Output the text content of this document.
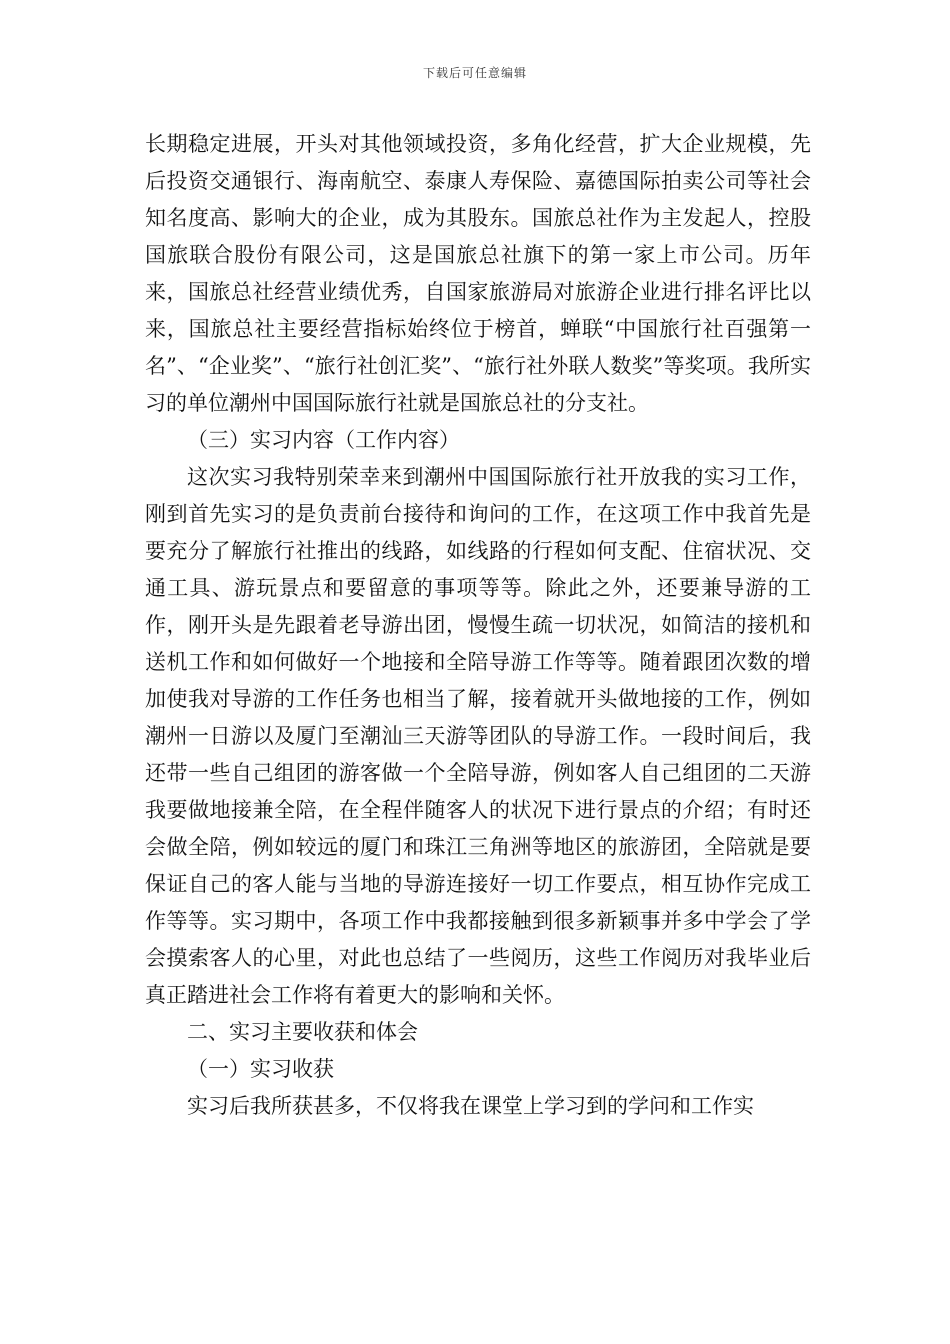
下载后可任意编辑

长期稳定进展，开头对其他领域投资，多角化经营，扩大企业规模，先后投资交通银行、海南航空、泰康人寿保险、嘉德国际拍卖公司等社会知名度高、影响大的企业，成为其股东。国旅总社作为主发起人，控股国旅联合股份有限公司，这是国旅总社旗下的第一家上市公司。历年来，国旅总社经营业绩优秀，自国家旅游局对旅游企业进行排名评比以来，国旅总社主要经营指标始终位于榜首，蝉联“中国旅行社百强第一名”、“企业奖”、“旅行社创汇奖”、“旅行社外联人数奖”等奖项。我所实习的单位潮州中国国际旅行社就是国旅总社的分支社。

（三）实习内容（工作内容）

这次实习我特别荣幸来到潮州中国国际旅行社开放我的实习工作，刚到首先实习的是负责前台接待和询问的工作，在这项工作中我首先是要充分了解旅行社推出的线路，如线路的行程如何支配、住宿状况、交通工具、游玩景点和要留意的事项等等。除此之外，还要兼导游的工作，刚开头是先跟着老导游出团，慢慢生疏一切状况，如简洁的接机和送机工作和如何做好一个地接和全陪导游工作等等。随着跟团次数的增加使我对导游的工作任务也相当了解，接着就开头做地接的工作，例如潮州一日游以及厦门至潮汕三天游等团队的导游工作。一段时间后，我还带一些自己组团的游客做一个全陪导游，例如客人自己组团的二天游我要做地接兼全陪，在全程伴随客人的状况下进行景点的介绍；有时还会做全陪，例如较远的厦门和珠江三角洲等地区的旅游团，全陪就是要保证自己的客人能与当地的导游连接好一切工作要点，相互协作完成工作等等。实习期中，各项工作中我都接触到很多新颖事并多中学会了学会摸索客人的心里，对此也总结了一些阅历，这些工作阅历对我毕业后真正踏进社会工作将有着更大的影响和关怀。

二、实习主要收获和体会

（一）实习收获

实习后我所获甚多，不仅将我在课堂上学习到的学问和工作实
